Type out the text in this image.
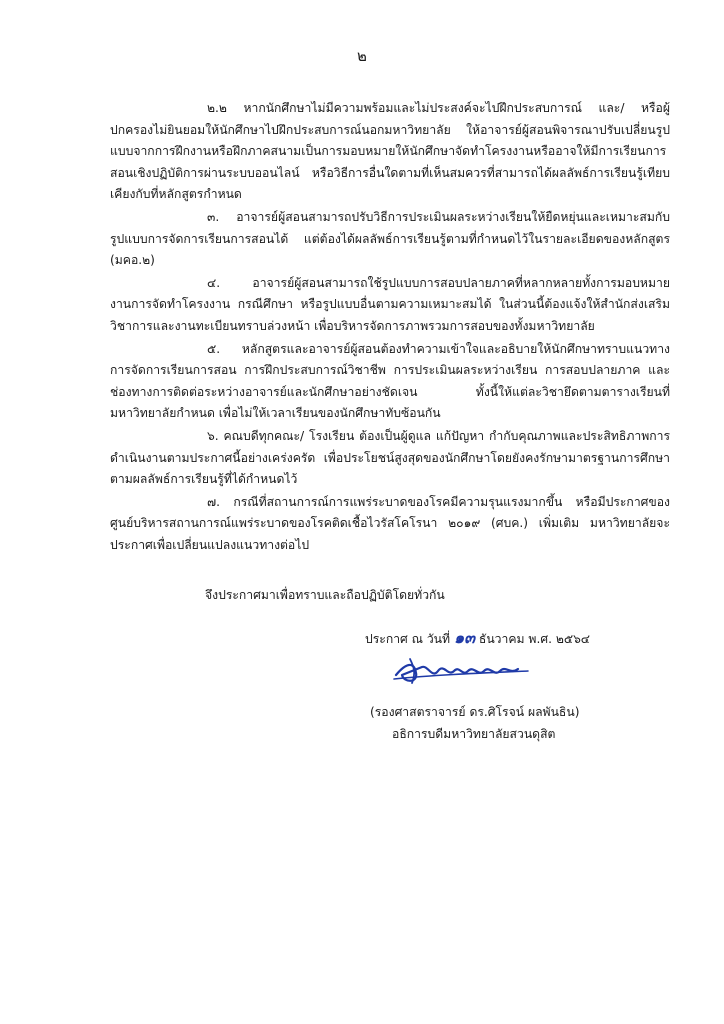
๒

๒.๒ หากนักศึกษาไม่มีความพร้อมและไม่ประสงค์จะไปฝึกประสบการณ์ และ/ หรือผู้ปกครองไม่ยินยอมให้นักศึกษาไปฝึกประสบการณ์นอกมหาวิทยาลัย ให้อาจารย์ผู้สอนพิจารณาปรับเปลี่ยนรูปแบบจากการฝึกงานหรือฝึกภาคสนามเป็นการมอบหมายให้นักศึกษาจัดทำโครงงานหรืออาจให้มีการเรียนการสอนเชิงปฏิบัติการผ่านระบบออนไลน์ หรือวิธีการอื่นใดตามที่เห็นสมควรที่สามารถได้ผลลัพธ์การเรียนรู้เทียบเคียงกับที่หลักสูตรกำหนด

๓. อาจารย์ผู้สอนสามารถปรับวิธีการประเมินผลระหว่างเรียนให้ยืดหยุ่นและเหมาะสมกับรูปแบบการจัดการเรียนการสอนได้ แต่ต้องได้ผลลัพธ์การเรียนรู้ตามที่กำหนดไว้ในรายละเอียดของหลักสูตร (มคอ.๒)

๔. อาจารย์ผู้สอนสามารถใช้รูปแบบการสอบปลายภาคที่หลากหลายทั้งการมอบหมายงานการจัดทำโครงงาน กรณีศึกษา หรือรูปแบบอื่นตามความเหมาะสมได้ ในส่วนนี้ต้องแจ้งให้สำนักส่งเสริมวิชาการและงานทะเบียนทราบล่วงหน้า เพื่อบริหารจัดการภาพรวมการสอบของทั้งมหาวิทยาลัย

๕. หลักสูตรและอาจารย์ผู้สอนต้องทำความเข้าใจและอธิบายให้นักศึกษาทราบแนวทางการจัดการเรียนการสอน การฝึกประสบการณ์วิชาชีพ การประเมินผลระหว่างเรียน การสอบปลายภาค และช่องทางการติดต่อระหว่างอาจารย์และนักศึกษาอย่างชัดเจน ทั้งนี้ให้แต่ละวิชายึดตามตารางเรียนที่มหาวิทยาลัยกำหนด เพื่อไม่ให้เวลาเรียนของนักศึกษาทับซ้อนกัน

๖. คณบดีทุกคณะ/ โรงเรียน ต้องเป็นผู้ดูแล แก้ปัญหา กำกับคุณภาพและประสิทธิภาพการดำเนินงานตามประกาศนี้อย่างเคร่งครัด เพื่อประโยชน์สูงสุดของนักศึกษาโดยยังคงรักษามาตรฐานการศึกษาตามผลลัพธ์การเรียนรู้ที่ได้กำหนดไว้

๗. กรณีที่สถานการณ์การแพร่ระบาดของโรคมีความรุนแรงมากขึ้น หรือมีประกาศของศูนย์บริหารสถานการณ์แพร่ระบาดของโรคติดเชื้อไวรัสโคโรนา ๒๐๑๙ (ศบค.) เพิ่มเติม มหาวิทยาลัยจะประกาศเพื่อเปลี่ยนแปลงแนวทางต่อไป

จึงประกาศมาเพื่อทราบและถือปฏิบัติโดยทั่วกัน
ประกาศ ณ วันที่ ๑๓ ธันวาคม พ.ศ. ๒๕๖๔
(รองศาสตราจารย์ ดร.ศิโรจน์ ผลพันธิน)
อธิการบดีมหาวิทยาลัยสวนดุสิต
